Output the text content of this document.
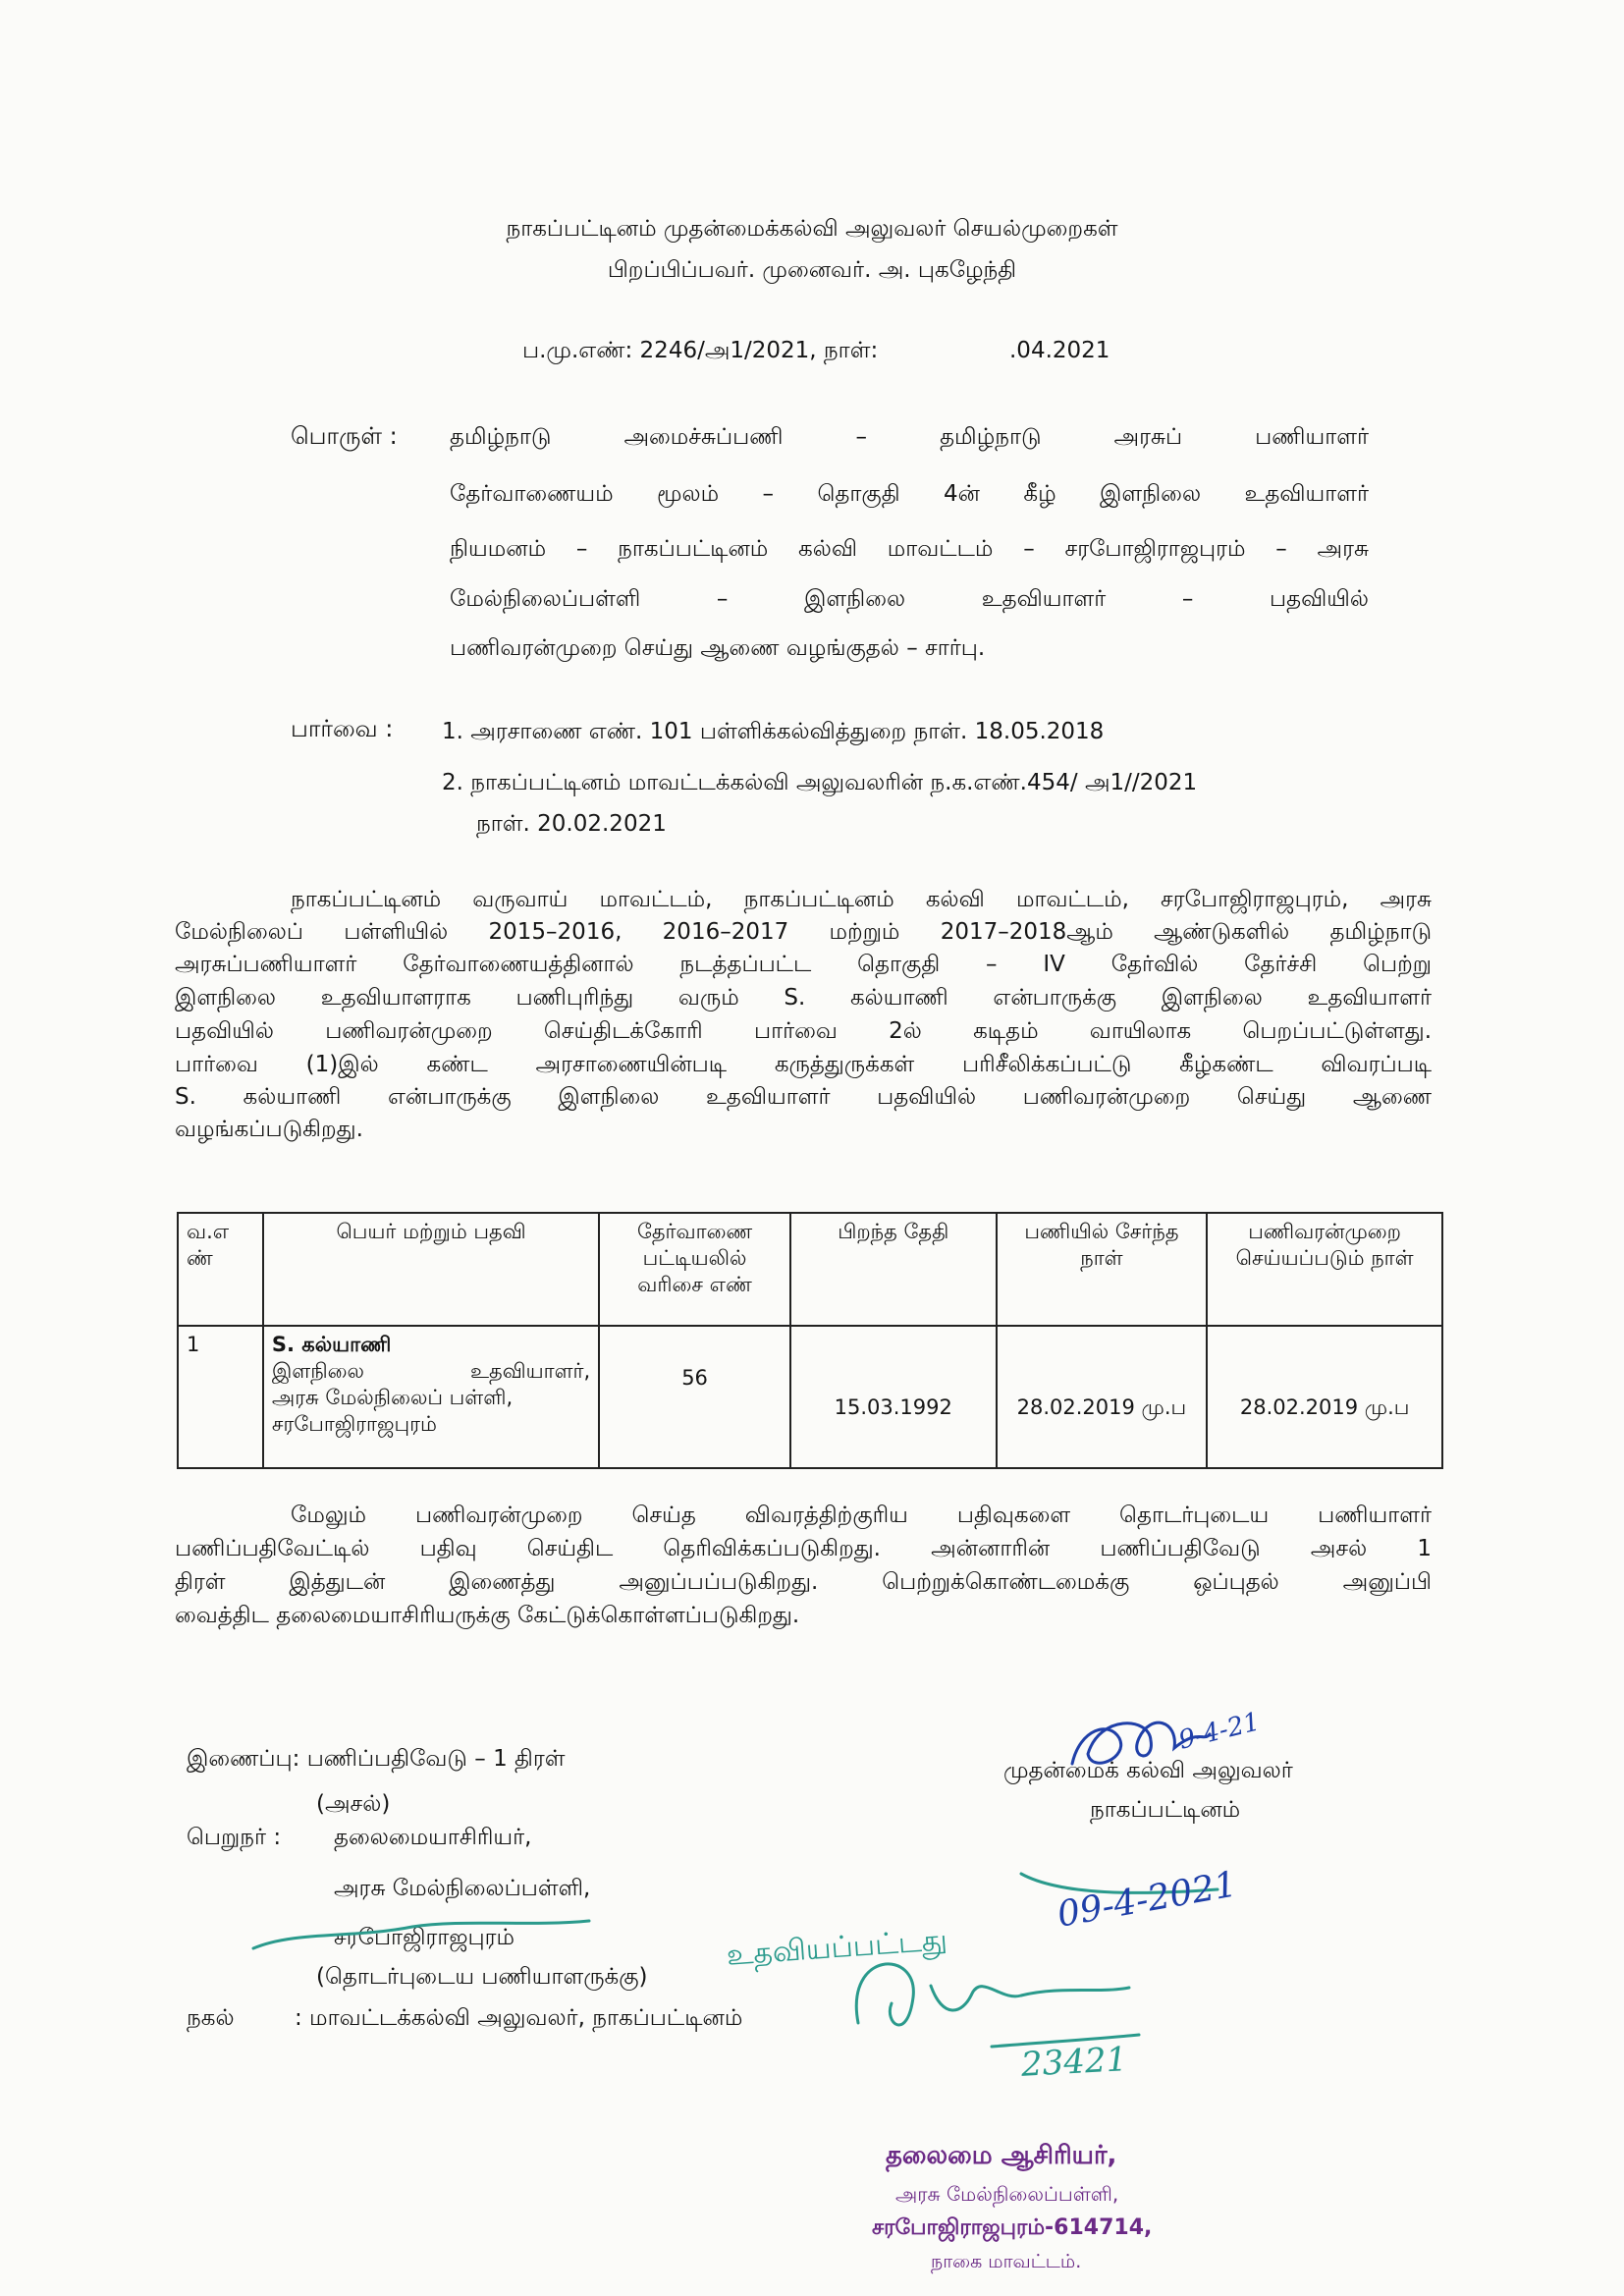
நாகப்பட்டினம் முதன்மைக்கல்வி அலுவலர் செயல்முறைகள்
பிறப்பிப்பவர். முனைவர். அ. புகழேந்தி
ப.மு.எண்: 2246/அ1/2021, நாள்:	.04.2021
பொருள் : தமிழ்நாடு அமைச்சுப்பணி – தமிழ்நாடு அரசுப் பணியாளர்
தேர்வாணையம் மூலம் – தொகுதி 4ன் கீழ் இளநிலை உதவியாளர்
நியமனம் – நாகப்பட்டினம் கல்வி மாவட்டம் – சரபோஜிராஜபுரம் – அரசு
மேல்நிலைப்பள்ளி – இளநிலை உதவியாளர் – பதவியில்
பணிவரன்முறை செய்து ஆணை வழங்குதல் – சார்பு.
பார்வை : 1. அரசாணை எண். 101 பள்ளிக்கல்வித்துறை நாள். 18.05.2018
2. நாகப்பட்டினம் மாவட்டக்கல்வி அலுவலரின் ந.க.எண்.454/ அ1//2021
நாள். 20.02.2021
நாகப்பட்டினம் வருவாய் மாவட்டம், நாகப்பட்டினம் கல்வி மாவட்டம், சரபோஜிராஜபுரம், அரசு
மேல்நிலைப் பள்ளியில் 2015–2016, 2016–2017 மற்றும் 2017–2018ஆம் ஆண்டுகளில் தமிழ்நாடு
அரசுப்பணியாளர் தேர்வாணையத்தினால் நடத்தப்பட்ட தொகுதி – IV தேர்வில் தேர்ச்சி பெற்று
இளநிலை உதவியாளராக பணிபுரிந்து வரும் S. கல்யாணி என்பாருக்கு இளநிலை உதவியாளர்
பதவியில் பணிவரன்முறை செய்திடக்கோரி பார்வை 2ல் கடிதம் வாயிலாக பெறப்பட்டுள்ளது.
பார்வை (1)இல் கண்ட அரசாணையின்படி கருத்துருக்கள் பரிசீலிக்கப்பட்டு கீழ்கண்ட விவரப்படி
S. கல்யாணி என்பாருக்கு இளநிலை உதவியாளர் பதவியில் பணிவரன்முறை செய்து ஆணை
வழங்கப்படுகிறது.
வ.எ ண்	பெயர் மற்றும் பதவி	தேர்வாணை பட்டியலில் வரிசை எண்	பிறந்த தேதி	பணியில் சேர்ந்த நாள்	பணிவரன்முறை செய்யப்படும் நாள்
1	S. கல்யாணி
இளநிலை உதவியாளர்,
அரசு மேல்நிலைப் பள்ளி,
சரபோஜிராஜபுரம்	56	15.03.1992	28.02.2019 மு.ப	28.02.2019 மு.ப
மேலும் பணிவரன்முறை செய்த விவரத்திற்குரிய பதிவுகளை தொடர்புடைய பணியாளர்
பணிப்பதிவேட்டில் பதிவு செய்திட தெரிவிக்கப்படுகிறது. அன்னாரின் பணிப்பதிவேடு அசல் 1
திரள் இத்துடன் இணைத்து அனுப்பப்படுகிறது. பெற்றுக்கொண்டமைக்கு ஒப்புதல் அனுப்பி
வைத்திட தலைமையாசிரியருக்கு கேட்டுக்கொள்ளப்படுகிறது.
இணைப்பு: பணிப்பதிவேடு – 1 திரள்
(அசல்)
பெறுநர் : தலைமையாசிரியர்,
அரசு மேல்நிலைப்பள்ளி,
சரபோஜிராஜபுரம்
(தொடர்புடைய பணியாளருக்கு)
நகல்	: மாவட்டக்கல்வி அலுவலர், நாகப்பட்டினம்
முதன்மைக் கல்வி அலுவலர்
நாகப்பட்டினம்
9-4-21
09-4-2021
உதவியப்பட்டது
23421
தலைமை ஆசிரியர்,
அரசு மேல்நிலைப்பள்ளி,
சரபோஜிராஜபுரம்-614714,
நாகை மாவட்டம்.
